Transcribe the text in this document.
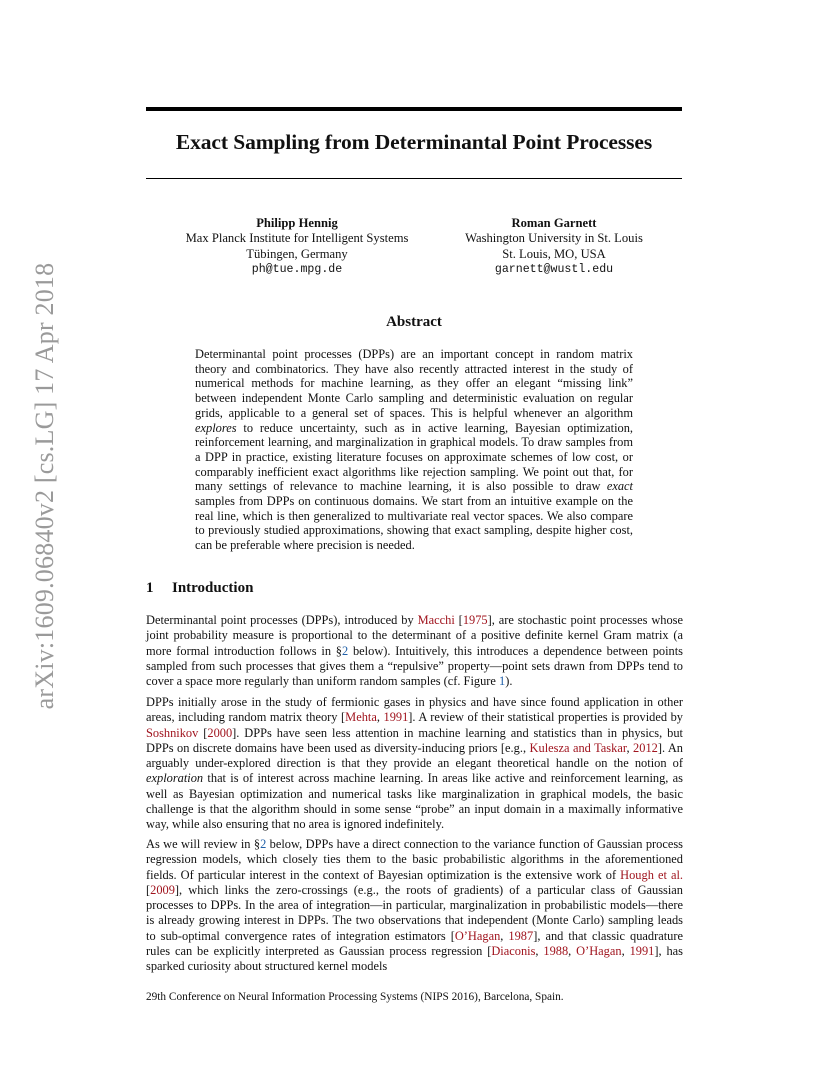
arXiv:1609.06840v2 [cs.LG] 17 Apr 2018
Exact Sampling from Determinantal Point Processes
Philipp Hennig
Max Planck Institute for Intelligent Systems
Tübingen, Germany
ph@tue.mpg.de
Roman Garnett
Washington University in St. Louis
St. Louis, MO, USA
garnett@wustl.edu
Abstract
Determinantal point processes (DPPs) are an important concept in random matrix theory and combinatorics. They have also recently attracted interest in the study of numerical methods for machine learning, as they offer an elegant “missing link” between independent Monte Carlo sampling and deterministic evaluation on regular grids, applicable to a general set of spaces. This is helpful whenever an algorithm explores to reduce uncertainty, such as in active learning, Bayesian optimization, reinforcement learning, and marginalization in graphical models. To draw samples from a DPP in practice, existing literature focuses on approximate schemes of low cost, or comparably inefficient exact algorithms like rejection sampling. We point out that, for many settings of relevance to machine learning, it is also possible to draw exact samples from DPPs on continuous domains. We start from an intuitive example on the real line, which is then generalized to multivariate real vector spaces. We also compare to previously studied approximations, showing that exact sampling, despite higher cost, can be preferable where precision is needed.
1 Introduction
Determinantal point processes (DPPs), introduced by Macchi [1975], are stochastic point processes whose joint probability measure is proportional to the determinant of a positive definite kernel Gram matrix (a more formal introduction follows in §2 below). Intuitively, this introduces a dependence between points sampled from such processes that gives them a “repulsive” property—point sets drawn from DPPs tend to cover a space more regularly than uniform random samples (cf. Figure 1).
DPPs initially arose in the study of fermionic gases in physics and have since found application in other areas, including random matrix theory [Mehta, 1991]. A review of their statistical properties is provided by Soshnikov [2000]. DPPs have seen less attention in machine learning and statistics than in physics, but DPPs on discrete domains have been used as diversity-inducing priors [e.g., Kulesza and Taskar, 2012]. An arguably under-explored direction is that they provide an elegant theoretical handle on the notion of exploration that is of interest across machine learning. In areas like active and reinforcement learning, as well as Bayesian optimization and numerical tasks like marginalization in graphical models, the basic challenge is that the algorithm should in some sense “probe” an input domain in a maximally informative way, while also ensuring that no area is ignored indefinitely.
As we will review in §2 below, DPPs have a direct connection to the variance function of Gaussian process regression models, which closely ties them to the basic probabilistic algorithms in the aforementioned fields. Of particular interest in the context of Bayesian optimization is the extensive work of Hough et al. [2009], which links the zero-crossings (e.g., the roots of gradients) of a particular class of Gaussian processes to DPPs. In the area of integration—in particular, marginalization in probabilistic models—there is already growing interest in DPPs. The two observations that independent (Monte Carlo) sampling leads to sub-optimal convergence rates of integration estimators [O’Hagan, 1987], and that classic quadrature rules can be explicitly interpreted as Gaussian process regression [Diaconis, 1988, O’Hagan, 1991], has sparked curiosity about structured kernel models
29th Conference on Neural Information Processing Systems (NIPS 2016), Barcelona, Spain.
